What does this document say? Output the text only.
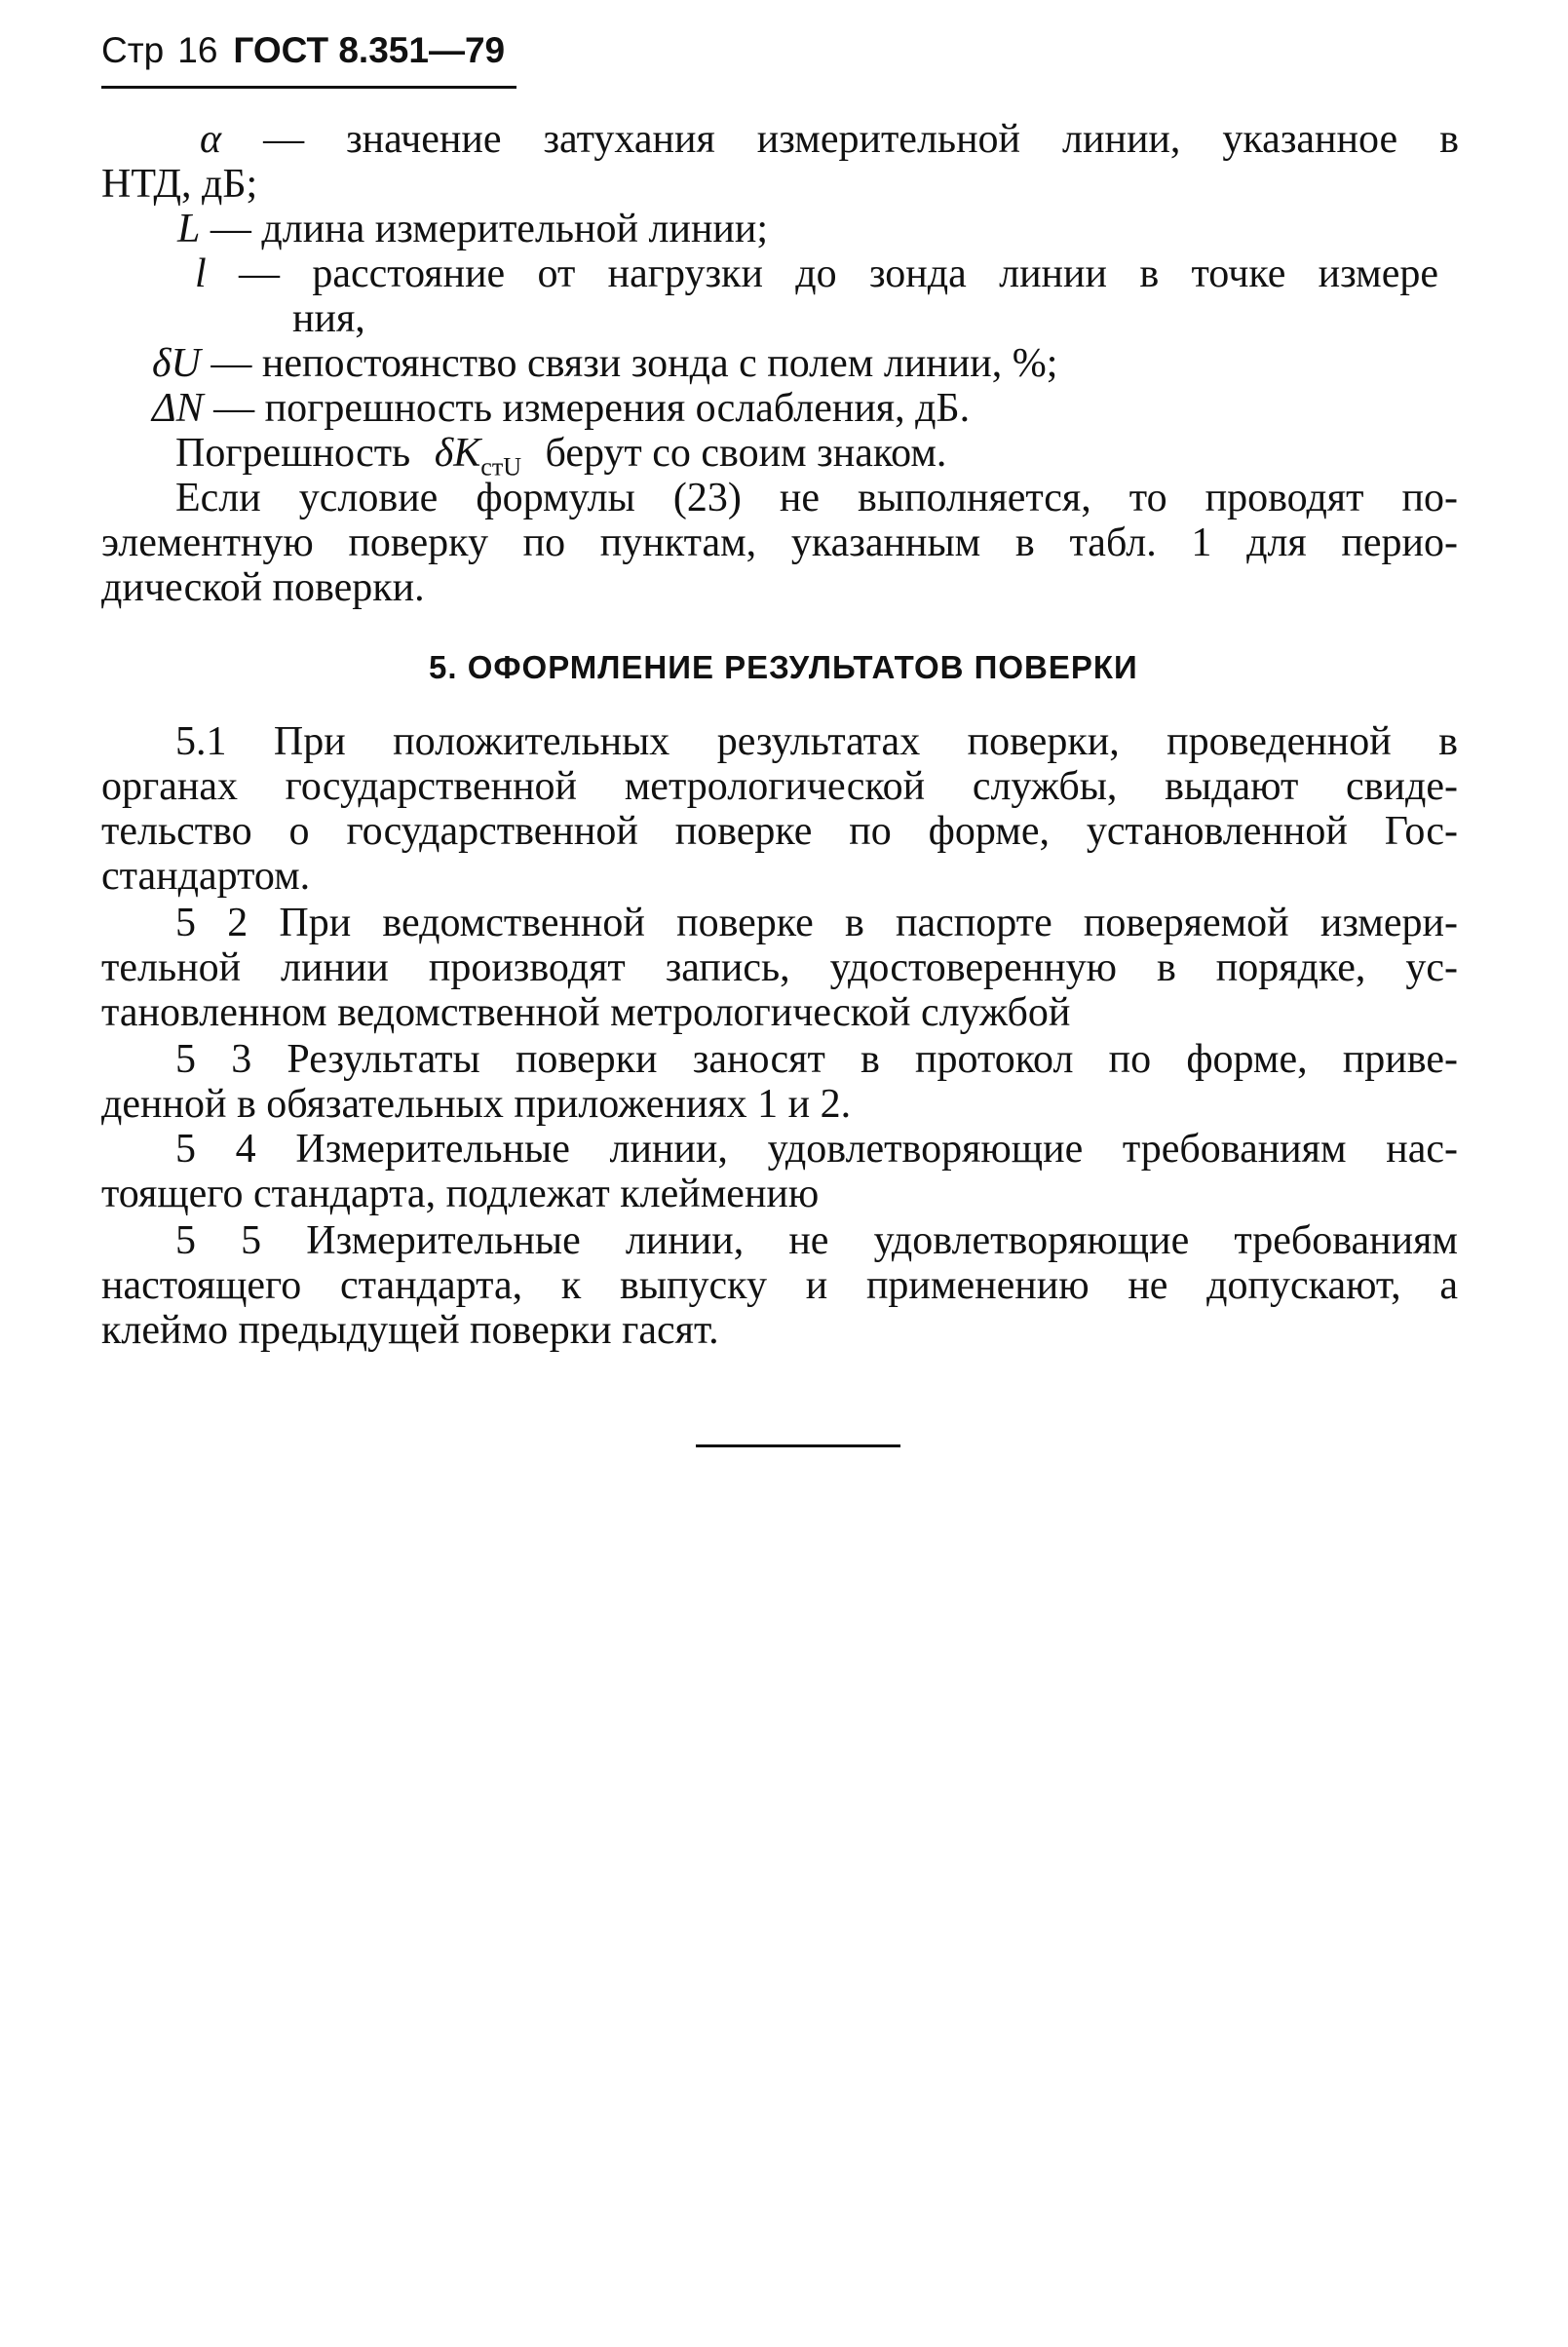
Стр 16 ГОСТ 8.351—79
α — значение затухания измерительной линии, указанное в
НТД, дБ;
L — длина измерительной линии;
l — расстояние от нагрузки до зонда линии в точке измере
ния,
δU — непостоянство связи зонда с полем линии, %;
ΔN — погрешность измерения ослабления, дБ.
Погрешность $\delta K_{стU}$ берут со своим знаком.
Если условие формулы (23) не выполняется, то проводят по-
элементную поверку по пунктам, указанным в табл. 1 для перио-
дической поверки.
5. ОФОРМЛЕНИЕ РЕЗУЛЬТАТОВ ПОВЕРКИ
5.1 При положительных результатах поверки, проведенной в
органах государственной метрологической службы, выдают свиде-
тельство о государственной поверке по форме, установленной Гос-
стандартом.
5 2 При ведомственной поверке в паспорте поверяемой измери-
тельной линии производят запись, удостоверенную в порядке, ус-
тановленном ведомственной метрологической службой
5 3 Результаты поверки заносят в протокол по форме, приве-
денной в обязательных приложениях 1 и 2.
5 4 Измерительные линии, удовлетворяющие требованиям нас-
тоящего стандарта, подлежат клеймению
5 5 Измерительные линии, не удовлетворяющие требованиям
настоящего стандарта, к выпуску и применению не допускают, а
клеймо предыдущей поверки гасят.
